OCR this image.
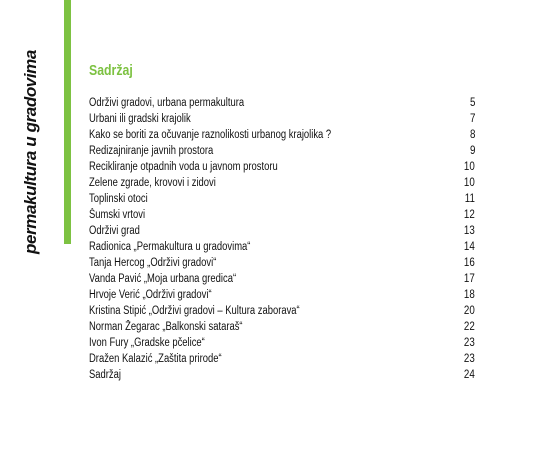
permakultura u gradovima	Sadržaj
Održivi gradovi, urbana permakultura	5
Urbani ili gradski krajolik	7
Kako se boriti za očuvanje raznolikosti urbanog krajolika ?	8
Redizajniranje javnih prostora	9
Recikliranje otpadnih voda u javnom prostoru	10
Zelene zgrade, krovovi i zidovi	10
Toplinski otoci	11
Šumski vrtovi	12
Održivi grad	13
Radionica „Permakultura u gradovima“	14
Tanja Hercog „Održivi gradovi“	16
Vanda Pavić „Moja urbana gredica“	17
Hrvoje Verić „Održivi gradovi“	18
Kristina Stipić „Održivi gradovi – Kultura zaborava“	20
Norman Žegarac „Balkonski sataraš“	22
Ivon Fury „Gradske pčelice“	23
Dražen Kalazić „Zaštita prirode“	23
Sadržaj	24
